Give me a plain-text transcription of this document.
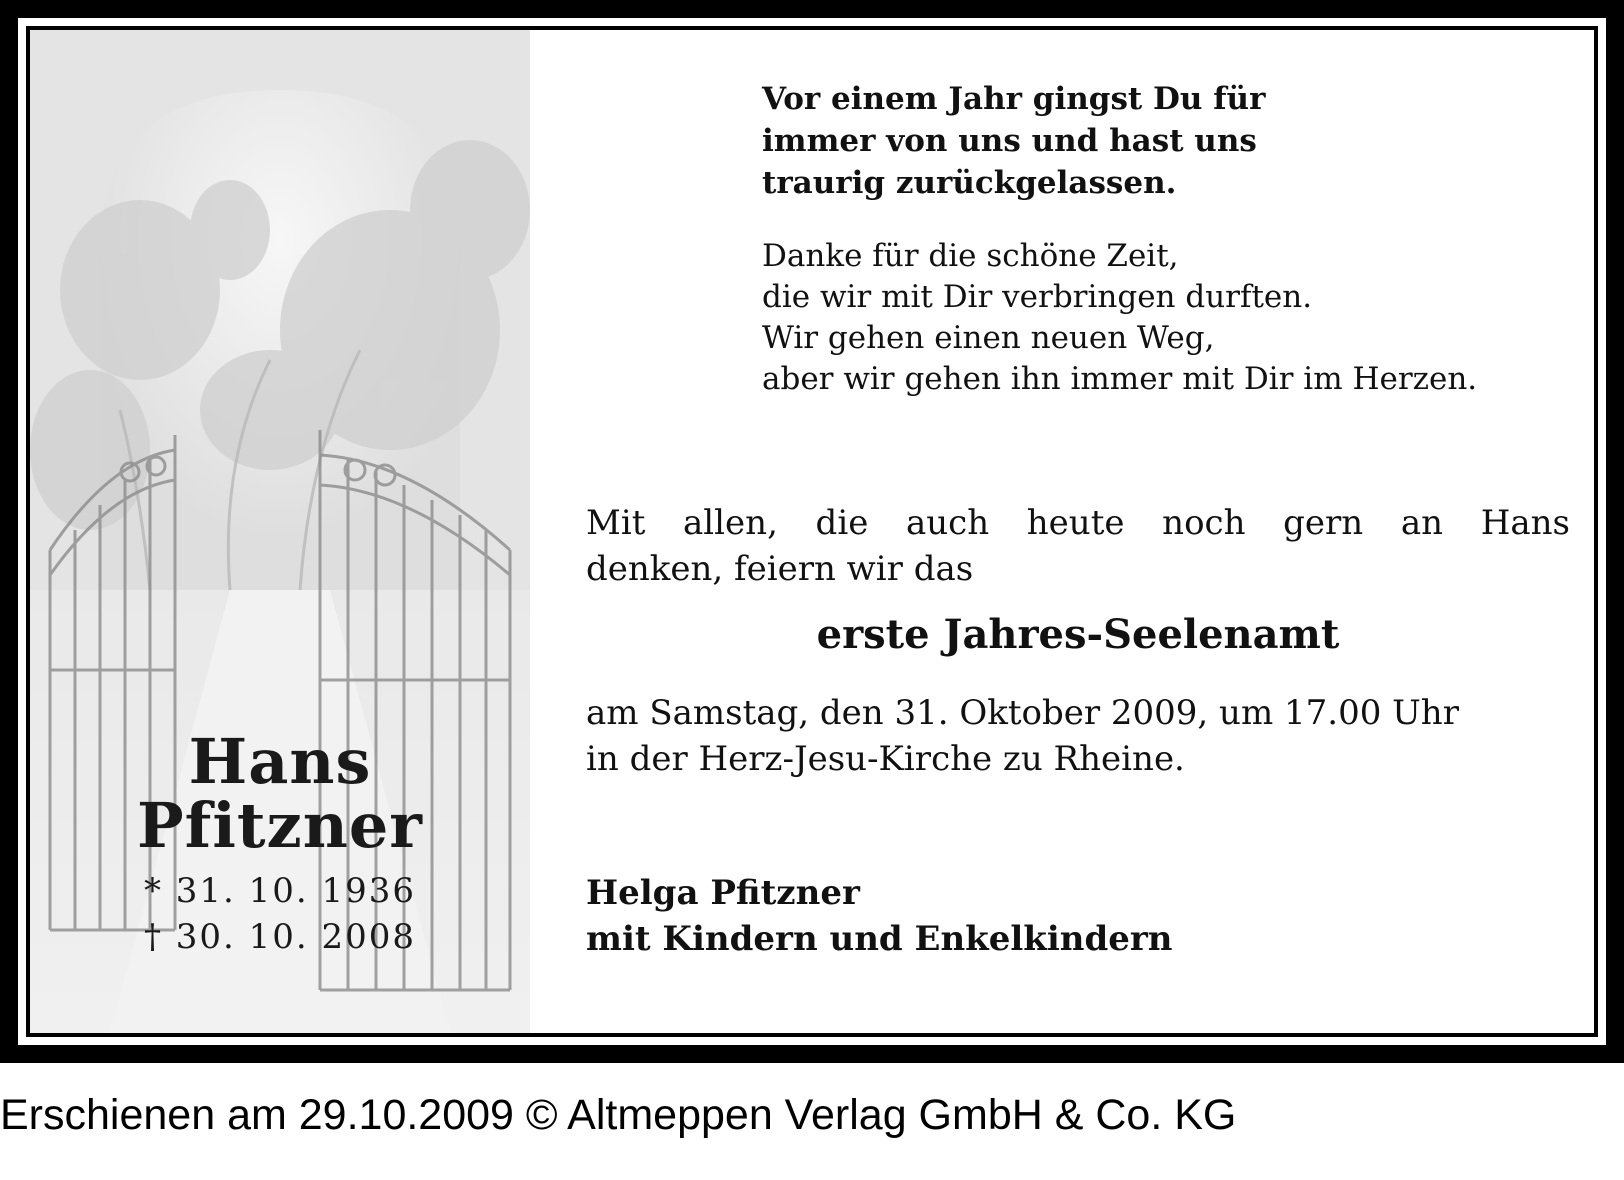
Hans
Pfitzner
* 31. 10. 1936
† 30. 10. 2008
Vor einem Jahr gingst Du für
immer von uns und hast uns
traurig zurückgelassen.
Danke für die schöne Zeit,
die wir mit Dir verbringen durften.
Wir gehen einen neuen Weg,
aber wir gehen ihn immer mit Dir im Herzen.
Mit allen, die auch heute noch gern an Hans
denken, feiern wir das
erste Jahres-Seelenamt
am Samstag, den 31. Oktober 2009, um 17.00 Uhr
in der Herz-Jesu-Kirche zu Rheine.
Helga Pfitzner
mit Kindern und Enkelkindern
Erschienen am 29.10.2009 © Altmeppen Verlag GmbH & Co. KG
